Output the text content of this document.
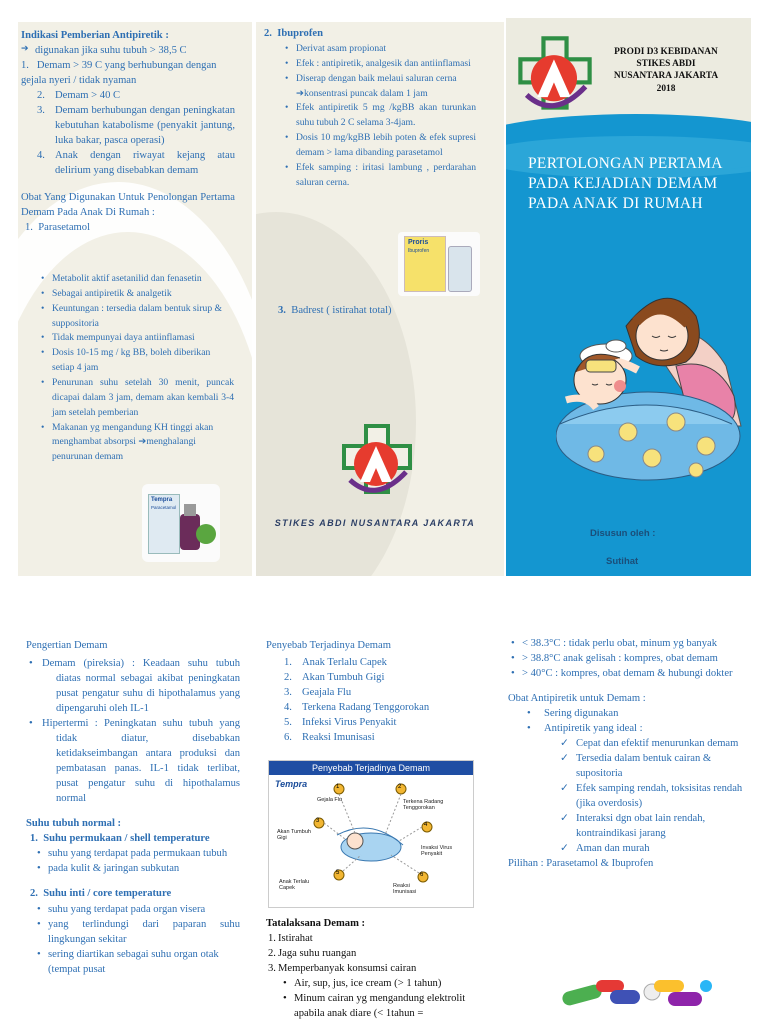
Indikasi Pemberian Antipiretik :
➔ digunakan jika suhu tubuh > 38,5 C
1. Demam > 39 C yang berhubungan dengan gejala nyeri / tidak nyaman
2. Demam > 40 C
3. Demam berhubungan dengan peningkatan kebutuhan katabolisme (penyakit jantung, luka bakar, pasca operasi)
4. Anak dengan riwayat kejang atau delirium yang disebabkan demam
Obat Yang Digunakan Untuk Penolongan Pertama Demam Pada Anak Di Rumah :
1.  Parasetamol
• Metabolit aktif asetanilid dan fenasetin
• Sebagai antipiretik & analgetik
• Keuntungan : tersedia dalam bentuk sirup & suppositoria
• Tidak mempunyai daya antiinflamasi
• Dosis 10-15 mg / kg BB, boleh diberikan setiap 4 jam
• Penurunan suhu setelah 30 menit, puncak dicapai dalam 3 jam, demam akan kembali 3-4 jam setelah pemberian
• Makanan yg mengandung KH tinggi akan menghambat absorpsi ➔menghalangi penurunan demam
Tempra
Paracetamol
2.  Ibuprofen
• Derivat asam propionat
• Efek : antipiretik, analgesik dan antiinflamasi
• Diserap dengan baik melaui saluran cerna ➔konsentrasi puncak dalam 1 jam
• Efek antipiretik 5 mg /kgBB akan turunkan suhu tubuh 2 C selama 3-4jam.
• Dosis 10 mg/kgBB lebih poten & efek supresi demam > lama dibanding parasetamol
• Efek samping : iritasi lambung , perdarahan saluran cerna.
Proris
Ibuprofen
3. Badrest ( istirahat total)
STIKES ABDI NUSANTARA JAKARTA
PRODI D3 KEBIDANAN
STIKES ABDI
NUSANTARA JAKARTA
2018
PERTOLONGAN PERTAMA PADA KEJADIAN DEMAM PADA ANAK DI RUMAH
Disusun oleh :
Sutihat
Pengertian Demam
• Demam (pireksia) : Keadaan suhu tubuh diatas normal sebagai akibat peningkatan pusat pengatur suhu di hipothalamus yang dipengaruhi oleh IL-1
• Hipertermi : Peningkatan suhu tubuh yang tidak diatur, disebabkan ketidakseimbangan antara produksi dan pembatasan panas. IL-1 tidak terlibat, pusat pengatur suhu di hipothalamus normal
Suhu tubuh normal :
1.  Suhu permukaan / shell temperature
• suhu yang terdapat pada permukaan tubuh
• pada kulit & jaringan subkutan
2.  Suhu inti / core temperature
• suhu yang terdapat pada organ visera
• yang terlindungi dari paparan suhu lingkungan sekitar
• sering diartikan sebagai suhu organ otak (tempat pusat
Penyebab Terjadinya Demam
1. Anak Terlalu Capek
2. Akan Tumbuh Gigi
3. Geajala Flu
4. Terkena Radang Tenggorokan
5. Infeksi Virus Penyakit
6. Reaksi Imunisasi
Penyebab Terjadinya Demam
Tempra	1	2
3
4
5	6
Gejala Flu	Terkena Radang Tenggorokan
Akan Tumbuh Gigi
Invaksi Virus Penyakit
Anak Terlalu Capek	Reaksi Imunisasi
Tatalaksana Demam :
1. Istirahat
2. Jaga suhu ruangan
3. Memperbanyak konsumsi cairan
• Air, sup, jus, ice cream (> 1 tahun)
• Minum cairan yg mengandung elektrolit apabila anak diare (< 1tahun =
• < 38.3°C : tidak perlu obat, minum yg banyak
• > 38.8°C anak gelisah : kompres, obat demam
• > 40°C : kompres, obat demam & hubungi dokter
Obat Antipiretik untuk Demam :
• Sering digunakan
• Antipiretik yang ideal :
✓ Cepat dan efektif menurunkan demam
✓ Tersedia dalam bentuk cairan & supositoria
✓ Efek samping rendah, toksisitas rendah (jika overdosis)
✓ Interaksi dgn obat lain rendah, kontraindikasi jarang
✓ Aman dan murah
Pilihan : Parasetamol & Ibuprofen
